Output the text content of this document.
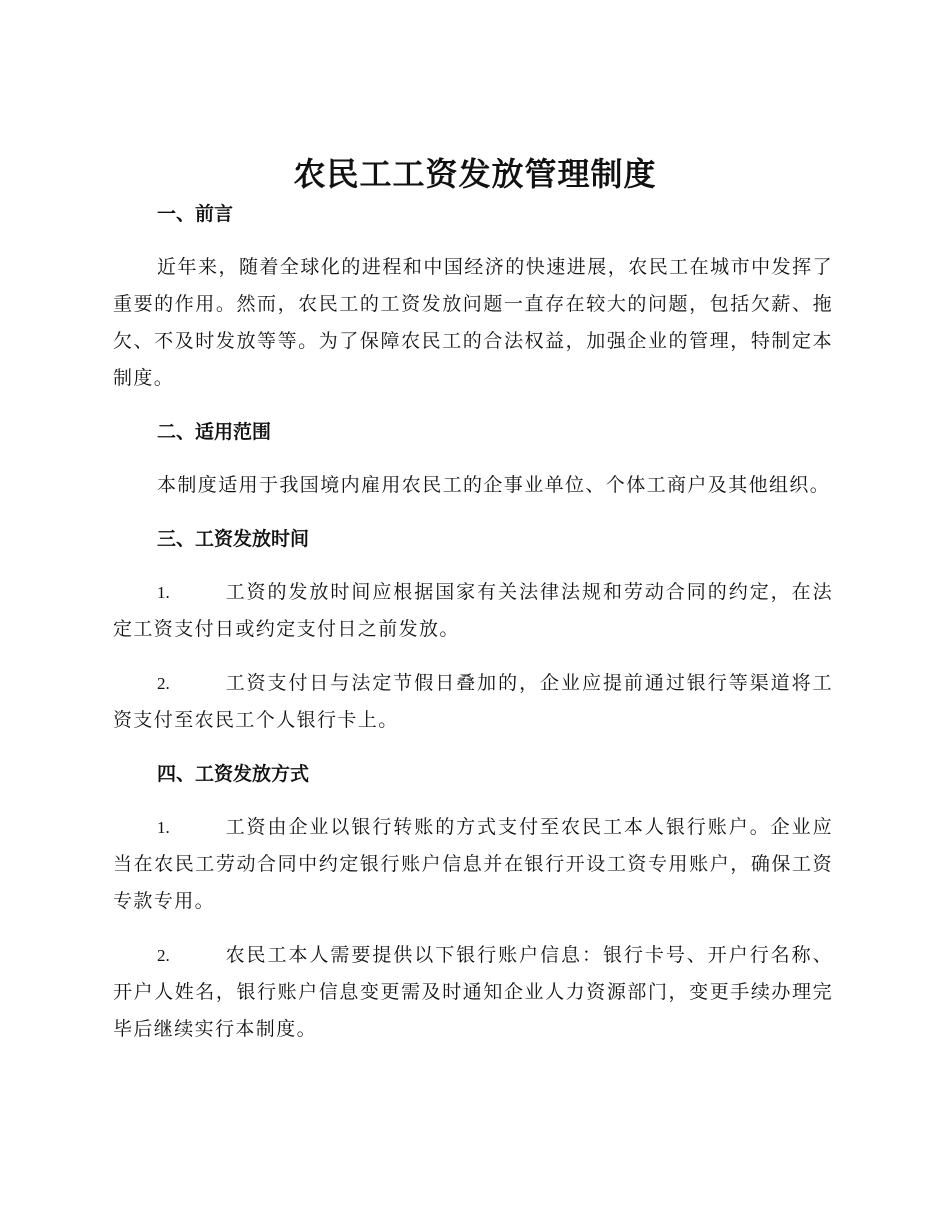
农民工工资发放管理制度
一、前言

近年来，随着全球化的进程和中国经济的快速进展，农民工在城市中发挥了重要的作用。然而，农民工的工资发放问题一直存在较大的问题，包括欠薪、拖欠、不及时发放等等。为了保障农民工的合法权益，加强企业的管理，特制定本制度。

二、适用范围

本制度适用于我国境内雇用农民工的企事业单位、个体工商户及其他组织。

三、工资发放时间

1.	工资的发放时间应根据国家有关法律法规和劳动合同的约定，在法定工资支付日或约定支付日之前发放。

2.	工资支付日与法定节假日叠加的，企业应提前通过银行等渠道将工资支付至农民工个人银行卡上。

四、工资发放方式

1.	工资由企业以银行转账的方式支付至农民工本人银行账户。企业应当在农民工劳动合同中约定银行账户信息并在银行开设工资专用账户，确保工资专款专用。

2.	农民工本人需要提供以下银行账户信息：银行卡号、开户行名称、开户人姓名，银行账户信息变更需及时通知企业人力资源部门，变更手续办理完毕后继续实行本制度。
